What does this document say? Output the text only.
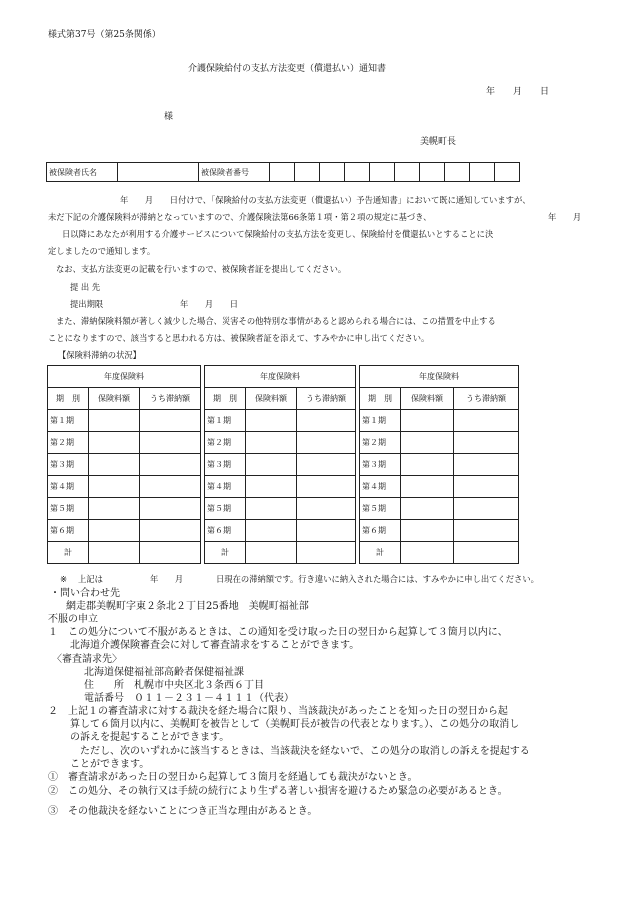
様式第37号（第25条関係）
介護保険給付の支払方法変更（償還払い）通知書
年　　月　　日
様
美幌町長
被保険者氏名		被保険者番号										
年　　月　　日付けで、「保険給付の支払方法変更（償還払い）予告通知書」において既に通知していますが、
未だ下記の介護保険料が滞納となっていますので、介護保険法第66条第１項・第２項の規定に基づき、	年　　月
日以降にあなたが利用する介護サービスについて保険給付の支払方法を変更し、保険給付を償還払いとすることに決
定しましたので通知します。
なお、支払方法変更の記載を行いますので、被保険者証を提出してください。
提 出 先
提出期限	年　　月　　日
また、滞納保険料額が著しく減少した場合、災害その他特別な事情があると認められる場合には、この措置を中止する
ことになりますので、該当すると思われる方は、被保険者証を添えて、すみやかに申し出てください。
【保険料滞納の状況】
年度保険料		
期　別	保険料額	うち滞納額
第１期		
第２期		
第３期		
第４期		
第５期		
第６期		
計		
年度保険料		
期　別	保険料額	うち滞納額
第１期		
第２期		
第３期		
第４期		
第５期		
第６期		
計		
年度保険料		
期　別	保険料額	うち滞納額
第１期		
第２期		
第３期		
第４期		
第５期		
第６期		
計		
※ 上記は	年　　月	日現在の滞納額です。行き違いに納入された場合には、すみやかに申し出てください。
・問い合わせ先
網走郡美幌町字東２条北２丁目25番地　美幌町福祉部
不服の申立
１　この処分について不服があるときは、この通知を受け取った日の翌日から起算して３箇月以内に、
北海道介護保険審査会に対して審査請求をすることができます。
〈審査請求先〉
北海道保健福祉部高齢者保健福祉課
住　　所　札幌市中央区北３条西６丁目
電話番号　０１１－２３１－４１１１（代表）
２　上記１の審査請求に対する裁決を経た場合に限り、当該裁決があったことを知った日の翌日から起
算して６箇月以内に、美幌町を被告として（美幌町長が被告の代表となります。）、この処分の取消し
の訴えを提起することができます。
ただし、次のいずれかに該当するときは、当該裁決を経ないで、この処分の取消しの訴えを提起する
ことができます。
①　審査請求があった日の翌日から起算して３箇月を経過しても裁決がないとき。
②　この処分、その執行又は手続の続行により生ずる著しい損害を避けるため緊急の必要があるとき。
③　その他裁決を経ないことにつき正当な理由があるとき。
